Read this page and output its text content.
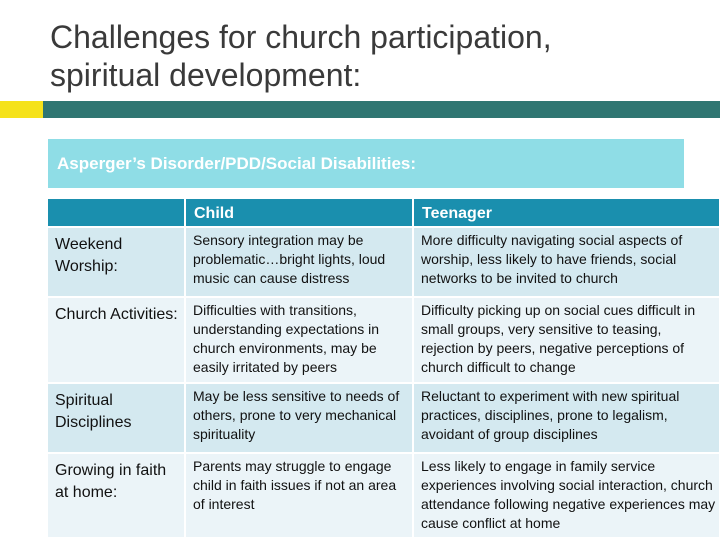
Challenges for church participation,
spiritual development:
Asperger’s Disorder/PDD/Social Disabilities:
	Child	Teenager
Weekend Worship:	Sensory integration may be problematic…bright lights, loud music can cause distress	More difficulty navigating social aspects of worship, less likely to have friends, social networks to be invited to church
Church Activities:	Difficulties with transitions, understanding expectations in church environments, may be easily irritated by peers	Difficulty picking up on social cues difficult in small groups, very sensitive to teasing, rejection by peers, negative perceptions of church difficult to change
Spiritual Disciplines	May be less sensitive to needs of others, prone to very mechanical spirituality	Reluctant to experiment with new spiritual practices, disciplines, prone to legalism, avoidant of group disciplines
Growing in faith at home:	Parents may struggle to engage child in faith issues if not an area of interest	Less likely to engage in family service experiences involving social interaction, church attendance following negative experiences may cause conflict at home
